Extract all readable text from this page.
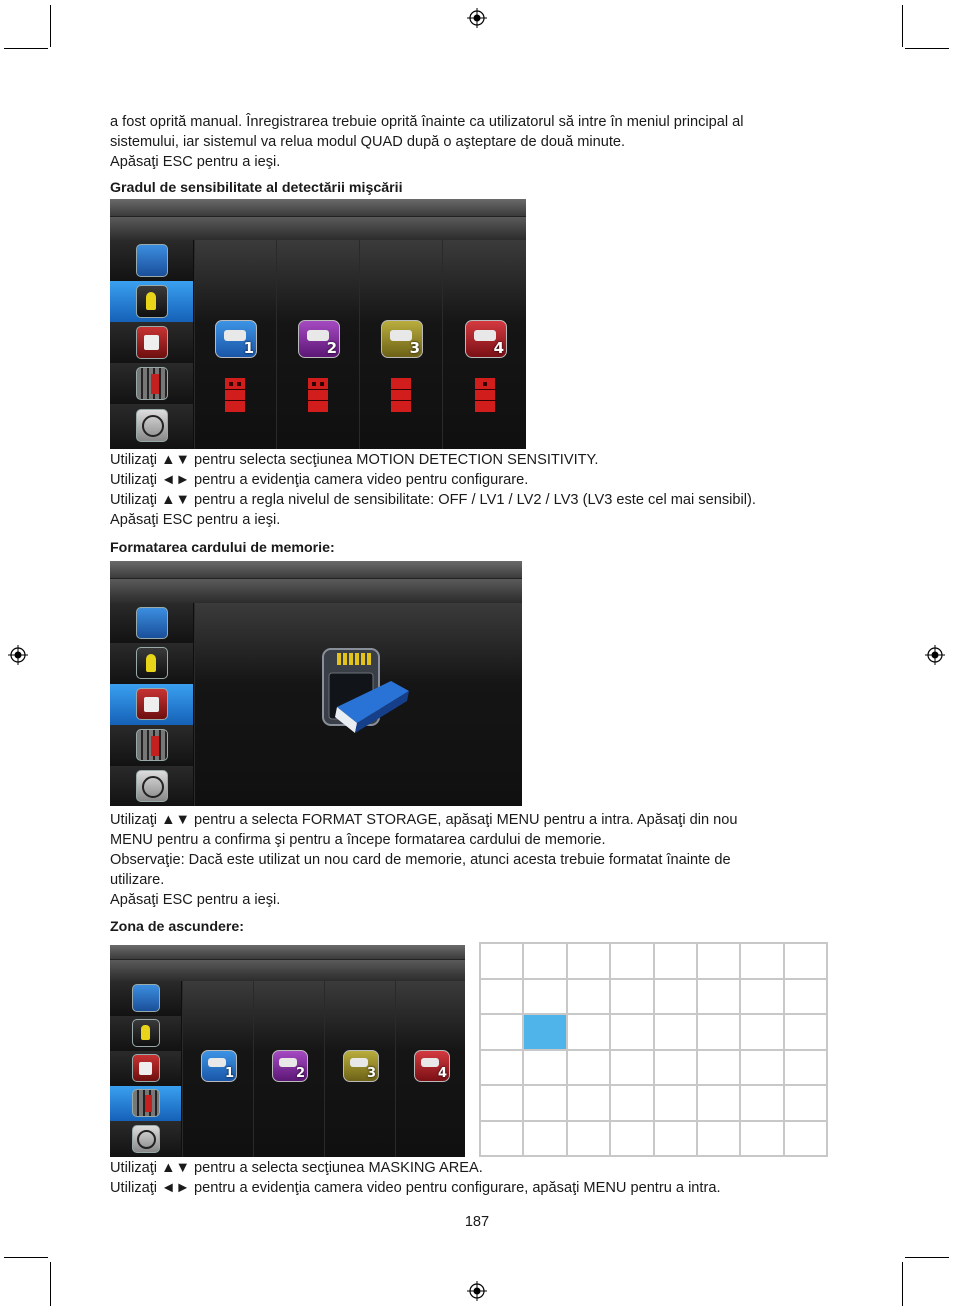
a fost oprită manual. Înregistrarea trebuie oprită înainte ca utilizatorul să intre în meniul principal al
sistemului, iar sistemul va relua modul QUAD după o aşteptare de două minute.
Apăsaţi ESC pentru a ieşi.
Gradul de sensibilitate al detectării mişcării
1	2	3	4
Utilizaţi ▲▼ pentru selecta secţiunea MOTION DETECTION SENSITIVITY.
Utilizaţi ◄► pentru a evidenţia camera video pentru configurare.
Utilizaţi ▲▼ pentru a regla nivelul de sensibilitate: OFF / LV1 / LV2 / LV3 (LV3 este cel mai sensibil).
Apăsaţi ESC pentru a ieşi.
Formatarea cardului de memorie:
Utilizaţi ▲▼ pentru a selecta FORMAT STORAGE, apăsaţi MENU pentru a intra. Apăsaţi din nou
MENU pentru a confirma şi pentru a începe formatarea cardului de memorie.
Observaţie: Dacă este utilizat un nou card de memorie, atunci acesta trebuie formatat înainte de
utilizare.
Apăsaţi ESC pentru a ieşi.
Zona de ascundere:
1	2	3	4
Utilizaţi ▲▼ pentru a selecta secţiunea MASKING AREA.
Utilizaţi ◄► pentru a evidenţia camera video pentru configurare, apăsaţi MENU pentru a intra.
187
